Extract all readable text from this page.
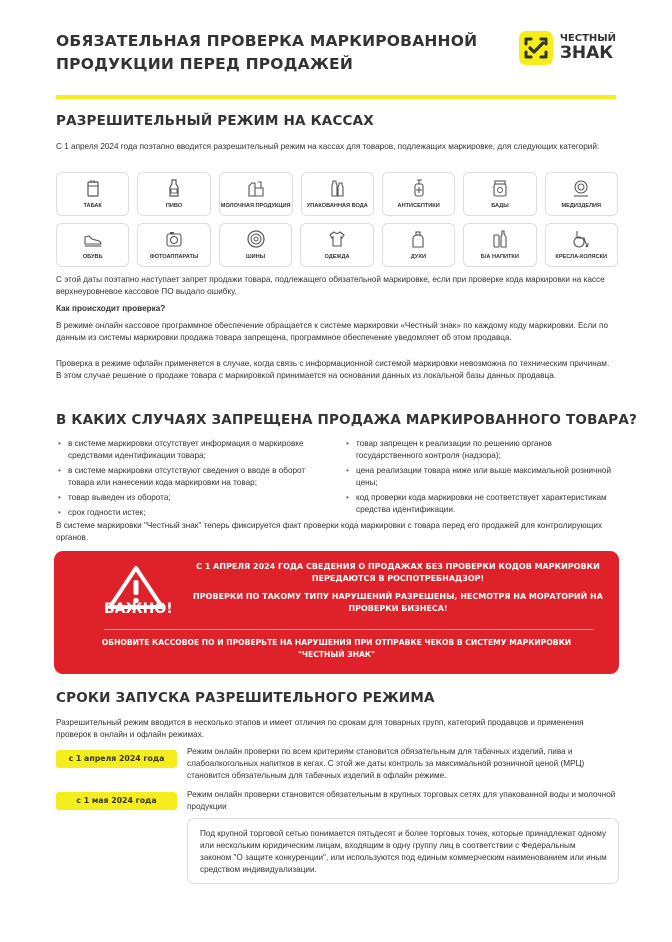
ОБЯЗАТЕЛЬНАЯ ПРОВЕРКА МАРКИРОВАННОЙ
ПРОДУКЦИИ ПЕРЕД ПРОДАЖЕЙ
ЧЕСТНЫЙ
ЗНАК
РАЗРЕШИТЕЛЬНЫЙ РЕЖИМ НА КАССАХ
С 1 апреля 2024 года поэтапно вводится разрешительный режим на кассах для товаров, подлежащих маркировке, для следующих категорий:
ТАБАК	ПИВО	МОЛОЧНАЯ ПРОДУКЦИЯ	УПАКОВАННАЯ ВОДА	АНТИСЕПТИКИ	БАДЫ	МЕДИЗДЕЛИЯ
ОБУВЬ	ФОТОАППАРАТЫ	ШИНЫ	ОДЕЖДА	ДУХИ	Б/А НАПИТКИ	КРЕСЛА-КОЛЯСКИ
С этой даты поэтапно наступает запрет продажи товара, подлежащего обязательной маркировке, если при проверке кода маркировки на кассе верхнеуровневое кассовое ПО выдало ошибку.
Как происходит проверка?
В режиме онлайн кассовое программное обеспечение обращается к системе маркировки «Честный знак» по каждому коду маркировки. Если по данным из системы маркировки продажа товара запрещена, программное обеспечение уведомляет об этом продавца.
Проверка в режиме офлайн применяется в случае, когда связь с информационной системой маркировки невозможна по техническим причинам. В этом случае решение о продаже товара с маркировкой принимается на основании данных из локальной базы данных продавца.
В КАКИХ СЛУЧАЯХ ЗАПРЕЩЕНА ПРОДАЖА МАРКИРОВАННОГО ТОВАРА?
• в системе маркировки отсутствует информация о маркировке средствами идентификации товара;
• в системе маркировки отсутствуют сведения о вводе в оборот товара или нанесении кода маркировки на товар;
• товар выведен из оборота;
• срок годности истек;
• товар запрещен к реализации по решению органов государственного контроля (надзора);
• цена реализации товара ниже или выше максимальной розничной цены;
• код проверки кода маркировки не соответствует характеристикам средства идентификации.
В системе маркировки "Честный знак" теперь фиксируется факт проверки кода маркировки с товара перед его продажей для контролирующих органов.
ВАЖНО!

С 1 АПРЕЛЯ 2024 ГОДА СВЕДЕНИЯ О ПРОДАЖАХ БЕЗ ПРОВЕРКИ КОДОВ МАРКИРОВКИ ПЕРЕДАЮТСЯ В РОСПОТРЕБНАДЗОР!

ПРОВЕРКИ ПО ТАКОМУ ТИПУ НАРУШЕНИЙ РАЗРЕШЕНЫ, НЕСМОТРЯ НА МОРАТОРИЙ НА ПРОВЕРКИ БИЗНЕСА!

ОБНОВИТЕ КАССОВОЕ ПО И ПРОВЕРЬТЕ НА НАРУШЕНИЯ ПРИ ОТПРАВКЕ ЧЕКОВ В СИСТЕМУ МАРКИРОВКИ "ЧЕСТНЫЙ ЗНАК"
СРОКИ ЗАПУСКА РАЗРЕШИТЕЛЬНОГО РЕЖИМА
Разрешительный режим вводится в несколько этапов и имеет отличия по срокам для товарных групп, категорий продавцов и применения проверок в онлайн и офлайн режимах.
с 1 апреля 2024 года
Режим онлайн проверки по всем критериям становится обязательным для табачных изделий, пива и слабоалкогольных напитков в кегах. С этой же даты контроль за максимальной розничной ценой (МРЦ) становится обязательным для табачных изделий в офлайн режиме.
с 1 мая 2024 года
Режим онлайн проверки становится обязательным в крупных торговых сетях для упакованной воды и молочной продукции
Под крупной торговой сетью понимается пятьдесят и более торговых точек, которые принадлежат одному или нескольким юридическим лицам, входящим в одну группу лиц в соответствии с Федеральным законом "О защите конкуренции", или используются под единым коммерческим наименованием или иным средством индивидуализации.
